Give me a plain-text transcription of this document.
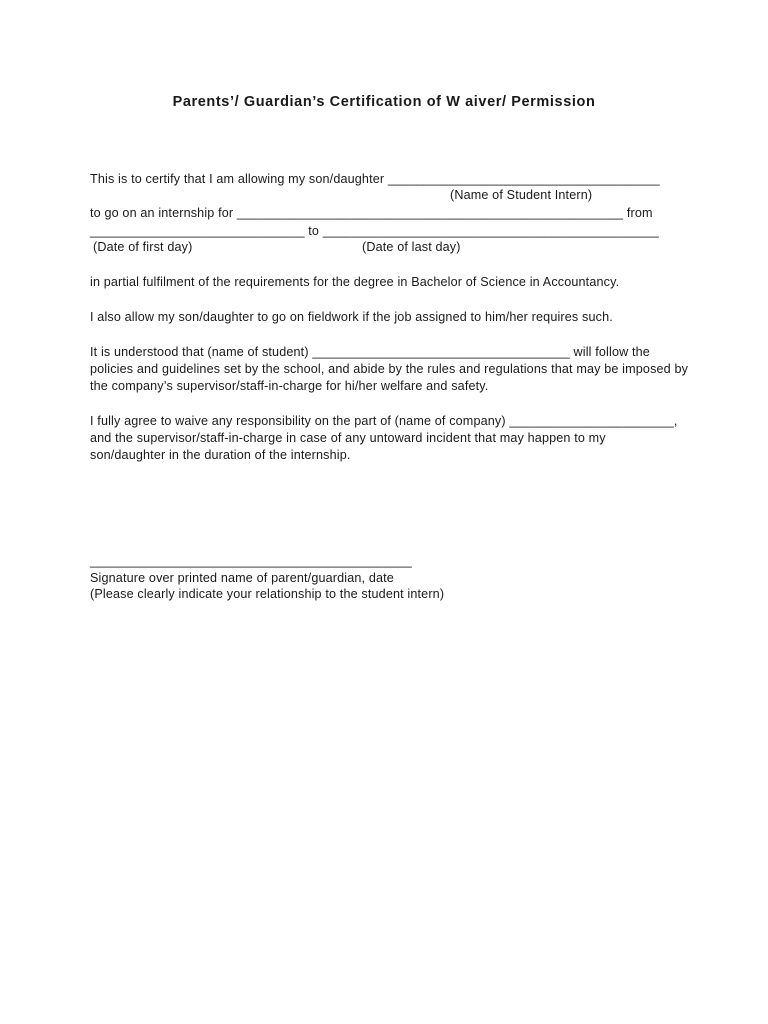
Parents’/ Guardian’s Certification of W aiver/ Permission
This is to certify that I am allowing my son/daughter ______________________________________
(Name of Student Intern)
to go on an internship for ______________________________________________________ from
______________________________ to _______________________________________________
(Date of first day)	(Date of last day)
in partial fulfilment of the requirements for the degree in Bachelor of Science in Accountancy.
I also allow my son/daughter to go on fieldwork if the job assigned to him/her requires such.
It is understood that (name of student) ____________________________________ will follow the
policies and guidelines set by the school, and abide by the rules and regulations that may be imposed by
the company’s supervisor/staff-in-charge for hi/her welfare and safety.
I fully agree to waive any responsibility on the part of (name of company) _______________________,
and the supervisor/staff-in-charge in case of any untoward incident that may happen to my
son/daughter in the duration of the internship.
_____________________________________________
Signature over printed name of parent/guardian, date
(Please clearly indicate your relationship to the student intern)
